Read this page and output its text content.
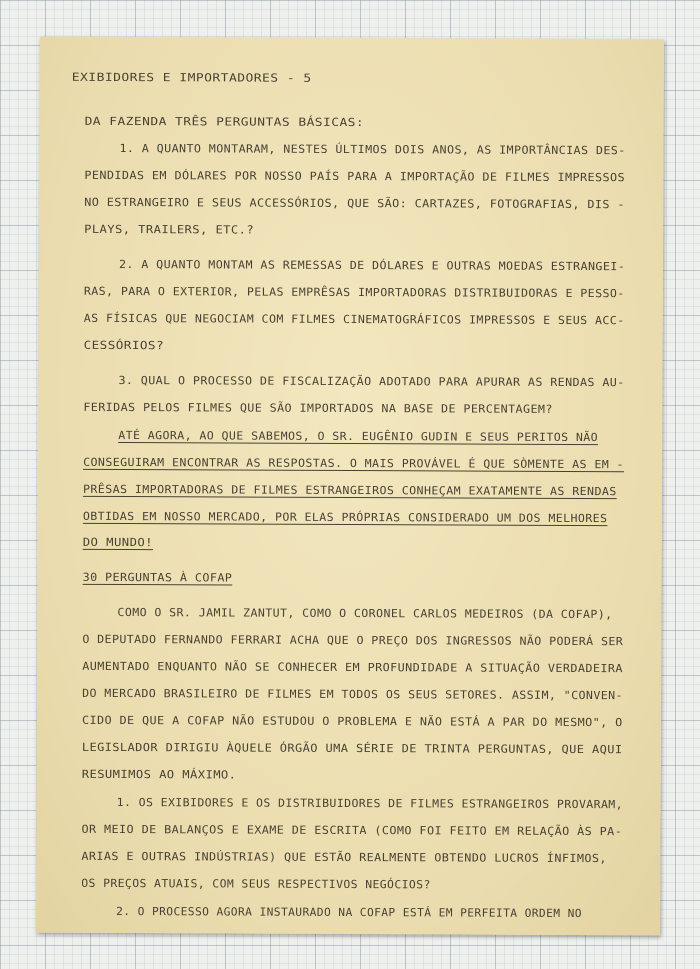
EXIBIDORES E IMPORTADORES - 5
DA FAZENDA TRÊS PERGUNTAS BÁSICAS:
1. A QUANTO MONTARAM, NESTES ÚLTIMOS DOIS ANOS, AS IMPORTÂNCIAS DES-
PENDIDAS EM DÓLARES POR NOSSO PAÍS PARA A IMPORTAÇÃO DE FILMES IMPRESSOS
NO ESTRANGEIRO E SEUS ACCESSÓRIOS, QUE SÃO: CARTAZES, FOTOGRAFIAS, DIS -
PLAYS, TRAILERS, ETC.?
2. A QUANTO MONTAM AS REMESSAS DE DÓLARES E OUTRAS MOEDAS ESTRANGEI-
RAS, PARA O EXTERIOR, PELAS EMPRÊSAS IMPORTADORAS DISTRIBUIDORAS E PESSO-
AS FÍSICAS QUE NEGOCIAM COM FILMES CINEMATOGRÁFICOS IMPRESSOS E SEUS ACC-
CESSÓRIOS?
3. QUAL O PROCESSO DE FISCALIZAÇÃO ADOTADO PARA APURAR AS RENDAS AU-
FERIDAS PELOS FILMES QUE SÃO IMPORTADOS NA BASE DE PERCENTAGEM?
ATÉ AGORA, AO QUE SABEMOS, O SR. EUGÊNIO GUDIN E SEUS PERITOS NÃO
CONSEGUIRAM ENCONTRAR AS RESPOSTAS. O MAIS PROVÁVEL É QUE SÒMENTE AS EM -
PRÊSAS IMPORTADORAS DE FILMES ESTRANGEIROS CONHEÇAM EXATAMENTE AS RENDAS
OBTIDAS EM NOSSO MERCADO, POR ELAS PRÓPRIAS CONSIDERADO UM DOS MELHORES
DO MUNDO!
30 PERGUNTAS À COFAP
COMO O SR. JAMIL ZANTUT, COMO O CORONEL CARLOS MEDEIROS (DA COFAP),
O DEPUTADO FERNANDO FERRARI ACHA QUE O PREÇO DOS INGRESSOS NÃO PODERÁ SER
AUMENTADO ENQUANTO NÃO SE CONHECER EM PROFUNDIDADE A SITUAÇÃO VERDADEIRA
DO MERCADO BRASILEIRO DE FILMES EM TODOS OS SEUS SETORES. ASSIM, "CONVEN-
CIDO DE QUE A COFAP NÃO ESTUDOU O PROBLEMA E NÃO ESTÁ A PAR DO MESMO", O
LEGISLADOR DIRIGIU ÀQUELE ÓRGÃO UMA SÉRIE DE TRINTA PERGUNTAS, QUE AQUI
RESUMIMOS AO MÁXIMO.
1. OS EXIBIDORES E OS DISTRIBUIDORES DE FILMES ESTRANGEIROS PROVARAM,
OR MEIO DE BALANÇOS E EXAME DE ESCRITA (COMO FOI FEITO EM RELAÇÃO ÀS PA-
ARIAS E OUTRAS INDÚSTRIAS) QUE ESTÃO REALMENTE OBTENDO LUCROS ÍNFIMOS,
OS PREÇOS ATUAIS, COM SEUS RESPECTIVOS NEGÓCIOS?
2. O PROCESSO AGORA INSTAURADO NA COFAP ESTÁ EM PERFEITA ORDEM NO
